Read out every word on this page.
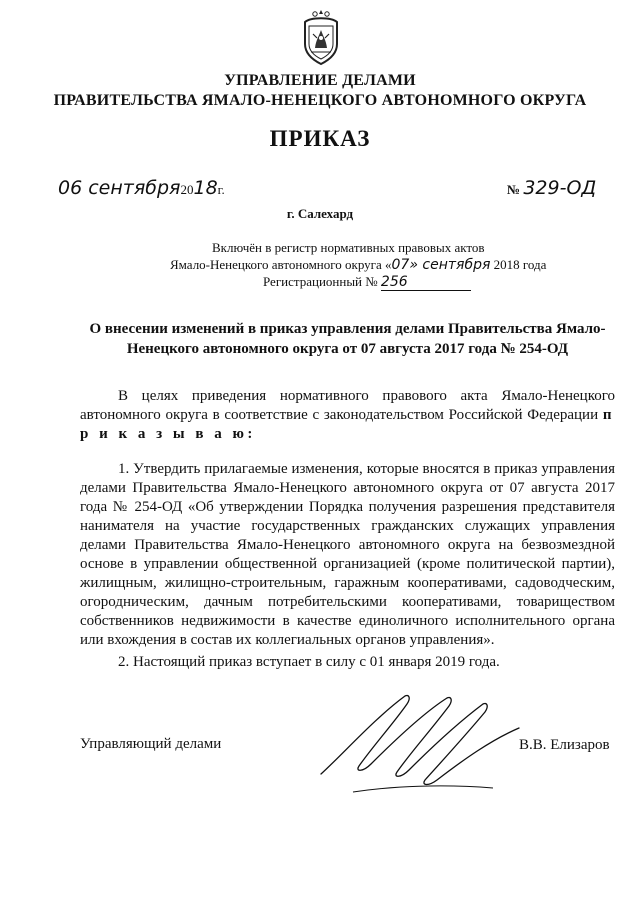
УПРАВЛЕНИЕ ДЕЛАМИ
ПРАВИТЕЛЬСТВА ЯМАЛО-НЕНЕЦКОГО АВТОНОМНОГО ОКРУГА
ПРИКАЗ
06 сентября2018г.	№ 329-ОД
г. Салехард
Включён в регистр нормативных правовых актов
Ямало-Ненецкого автономного округа «07» сентября 2018 года
Регистрационный № 256
О внесении изменений в приказ управления делами Правительства Ямало-Ненецкого автономного округа от 07 августа 2017 года № 254-ОД
В целях приведения нормативного правового акта Ямало-Ненецкого автономного округа в соответствие с законодательством Российской Федерации п р и к а з ы в а ю:
1. Утвердить прилагаемые изменения, которые вносятся в приказ управления делами Правительства Ямало-Ненецкого автономного округа от 07 августа 2017 года № 254-ОД «Об утверждении Порядка получения разрешения представителя нанимателя на участие государственных гражданских служащих управления делами Правительства Ямало-Ненецкого автономного округа на безвозмездной основе в управлении общественной организацией (кроме политической партии), жилищным, жилищно-строительным, гаражным кооперативами, садоводческим, огородническим, дачным потребительскими кооперативами, товариществом собственников недвижимости в качестве единоличного исполнительного органа или вхождения в состав их коллегиальных органов управления».
2. Настоящий приказ вступает в силу с 01 января 2019 года.
Управляющий делами	В.В. Елизаров
